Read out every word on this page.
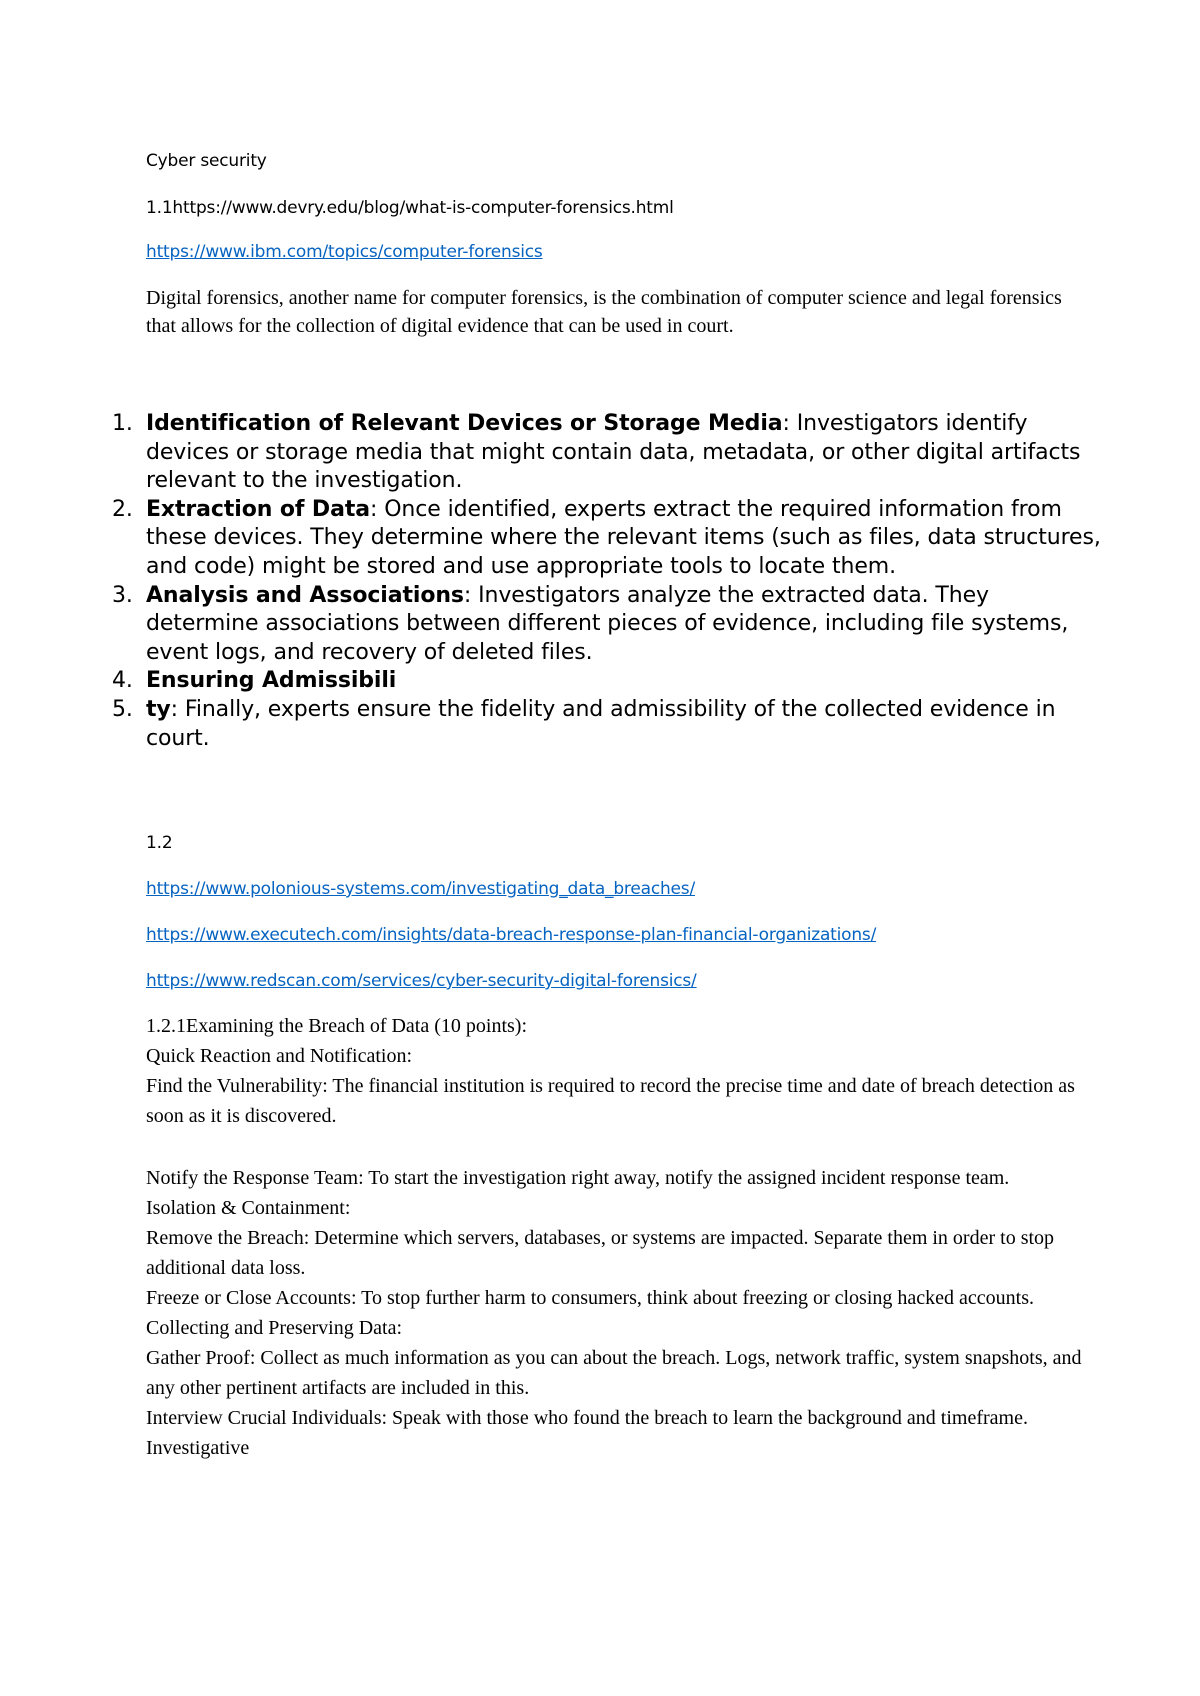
Cyber security

1.1https://www.devry.edu/blog/what-is-computer-forensics.html

https://www.ibm.com/topics/computer-forensics

Digital forensics, another name for computer forensics, is the combination of computer science and legal forensics that allows for the collection of digital evidence that can be used in court.

1. Identification of Relevant Devices or Storage Media: Investigators identify devices or storage media that might contain data, metadata, or other digital artifacts relevant to the investigation.
2. Extraction of Data: Once identified, experts extract the required information from these devices. They determine where the relevant items (such as files, data structures, and code) might be stored and use appropriate tools to locate them.
3. Analysis and Associations: Investigators analyze the extracted data. They determine associations between different pieces of evidence, including file systems, event logs, and recovery of deleted files.
4. Ensuring Admissibili
5. ty: Finally, experts ensure the fidelity and admissibility of the collected evidence in court.

1.2

https://www.polonious-systems.com/investigating_data_breaches/

https://www.executech.com/insights/data-breach-response-plan-financial-organizations/

https://www.redscan.com/services/cyber-security-digital-forensics/

1.2.1Examining the Breach of Data (10 points):
Quick Reaction and Notification:
Find the Vulnerability: The financial institution is required to record the precise time and date of breach detection as soon as it is discovered.
Notify the Response Team: To start the investigation right away, notify the assigned incident response team.
Isolation & Containment:
Remove the Breach: Determine which servers, databases, or systems are impacted. Separate them in order to stop additional data loss.
Freeze or Close Accounts: To stop further harm to consumers, think about freezing or closing hacked accounts.
Collecting and Preserving Data:
Gather Proof: Collect as much information as you can about the breach. Logs, network traffic, system snapshots, and any other pertinent artifacts are included in this.
Interview Crucial Individuals: Speak with those who found the breach to learn the background and timeframe.
Investigative
